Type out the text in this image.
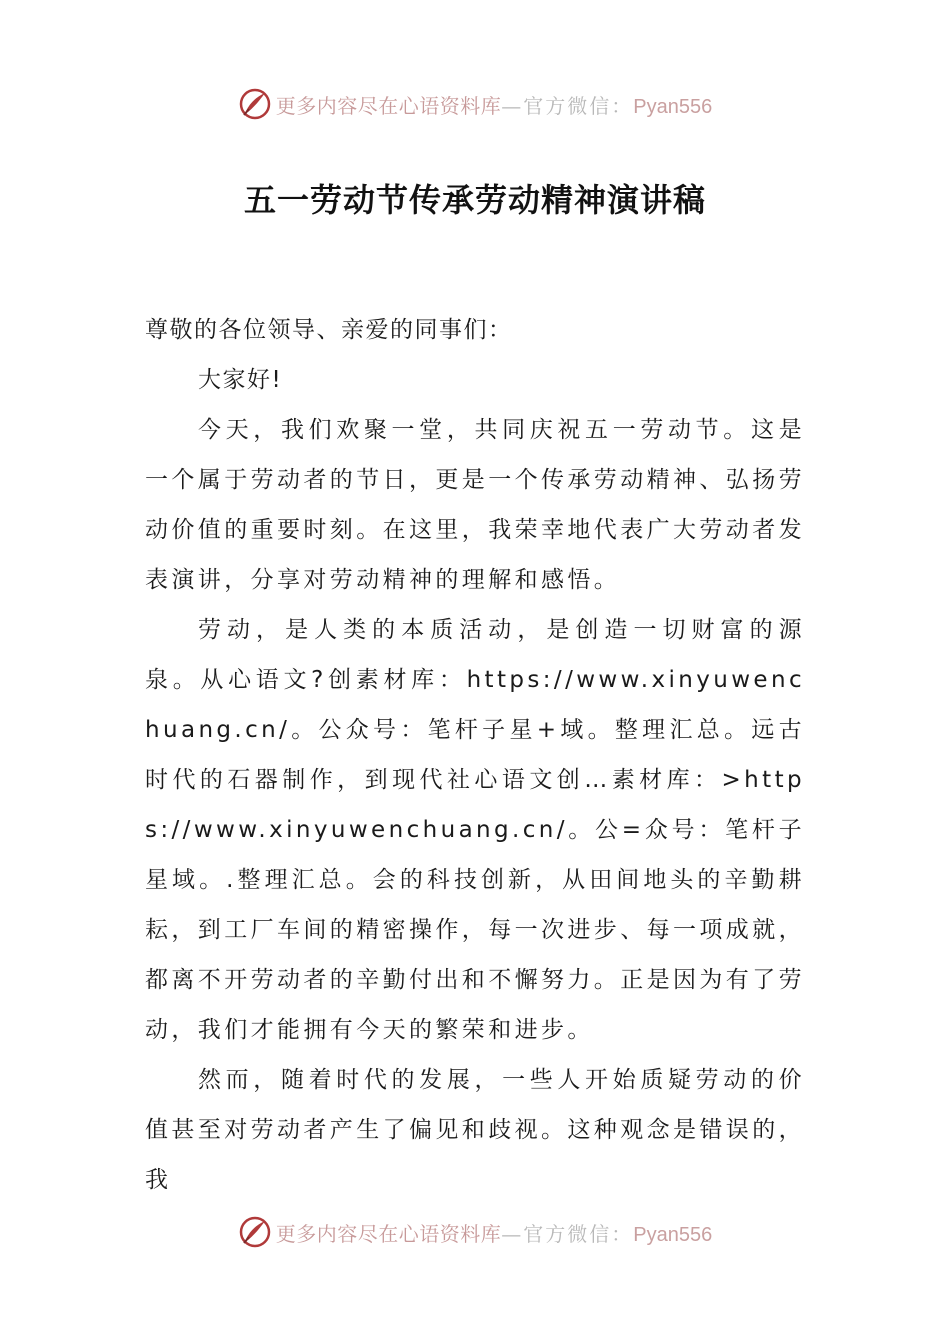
更多内容尽在心语资料库—官方微信：Pyan556
五一劳动节传承劳动精神演讲稿

尊敬的各位领导、亲爱的同事们：

大家好!

今天，我们欢聚一堂，共同庆祝五一劳动节。这是一个属于劳动者的节日，更是一个传承劳动精神、弘扬劳动价值的重要时刻。在这里，我荣幸地代表广大劳动者发表演讲，分享对劳动精神的理解和感悟。

劳动，是人类的本质活动，是创造一切财富的源泉。从心语文?创素材库：https://www.xinyuwenchuang.cn/。公众号：笔杆子星+域。整理汇总。远古时代的石器制作，到现代社心语文创…素材库：>https://www.xinyuwenchuang.cn/。公=众号：笔杆子星域。.整理汇总。会的科技创新，从田间地头的辛勤耕耘，到工厂车间的精密操作，每一次进步、每一项成就，都离不开劳动者的辛勤付出和不懈努力。正是因为有了劳动，我们才能拥有今天的繁荣和进步。

然而，随着时代的发展，一些人开始质疑劳动的价值甚至对劳动者产生了偏见和歧视。这种观念是错误的，我

更多内容尽在心语资料库—官方微信：Pyan556
